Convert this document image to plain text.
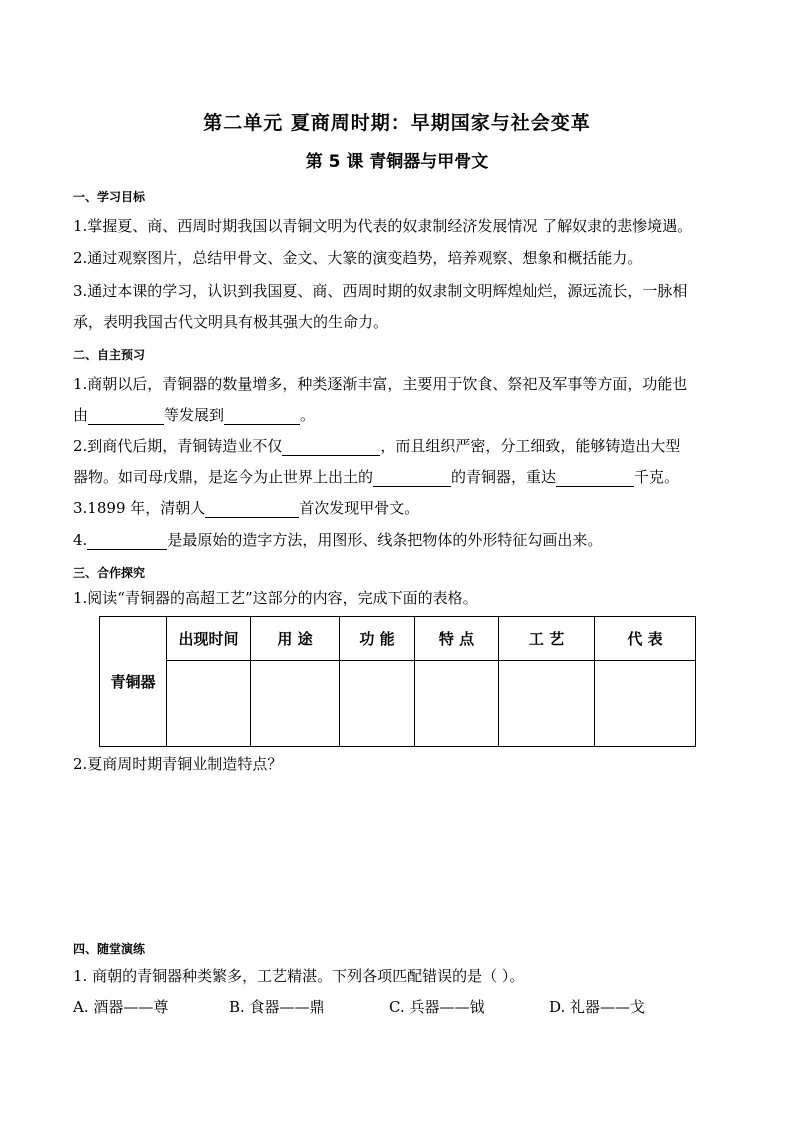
第二单元 夏商周时期：早期国家与社会变革
第 5 课 青铜器与甲骨文
一、学习目标
1.掌握夏、商、西周时期我国以青铜文明为代表的奴隶制经济发展情况 了解奴隶的悲惨境遇。
2.通过观察图片，总结甲骨文、金文、大篆的演变趋势，培养观察、想象和概括能力。
3.通过本课的学习，认识到我国夏、商、西周时期的奴隶制文明辉煌灿烂，源远流长，一脉相
承，表明我国古代文明具有极其强大的生命力。
二、自主预习
1.商朝以后，青铜器的数量增多，种类逐渐丰富，主要用于饮食、祭祀及军事等方面，功能也
由	等发展到	。
2.到商代后期，青铜铸造业不仅	，而且组织严密，分工细致，能够铸造出大型
器物。如司母戊鼎，是迄今为止世界上出土的	的青铜器，重达	千克。
3.1899 年，清朝人	首次发现甲骨文。
4.	是最原始的造字方法，用图形、线条把物体的外形特征勾画出来。
三、合作探究
1.阅读“青铜器的高超工艺”这部分的内容，完成下面的表格。
青铜器	出现时间	用 途	功 能	特 点	工 艺	代 表

2.夏商周时期青铜业制造特点？
四、随堂演练
1. 商朝的青铜器种类繁多，工艺精湛。下列各项匹配错误的是（ ）。
A. 酒器——尊	B. 食器——鼎	C. 兵器——钺	D. 礼器——戈
